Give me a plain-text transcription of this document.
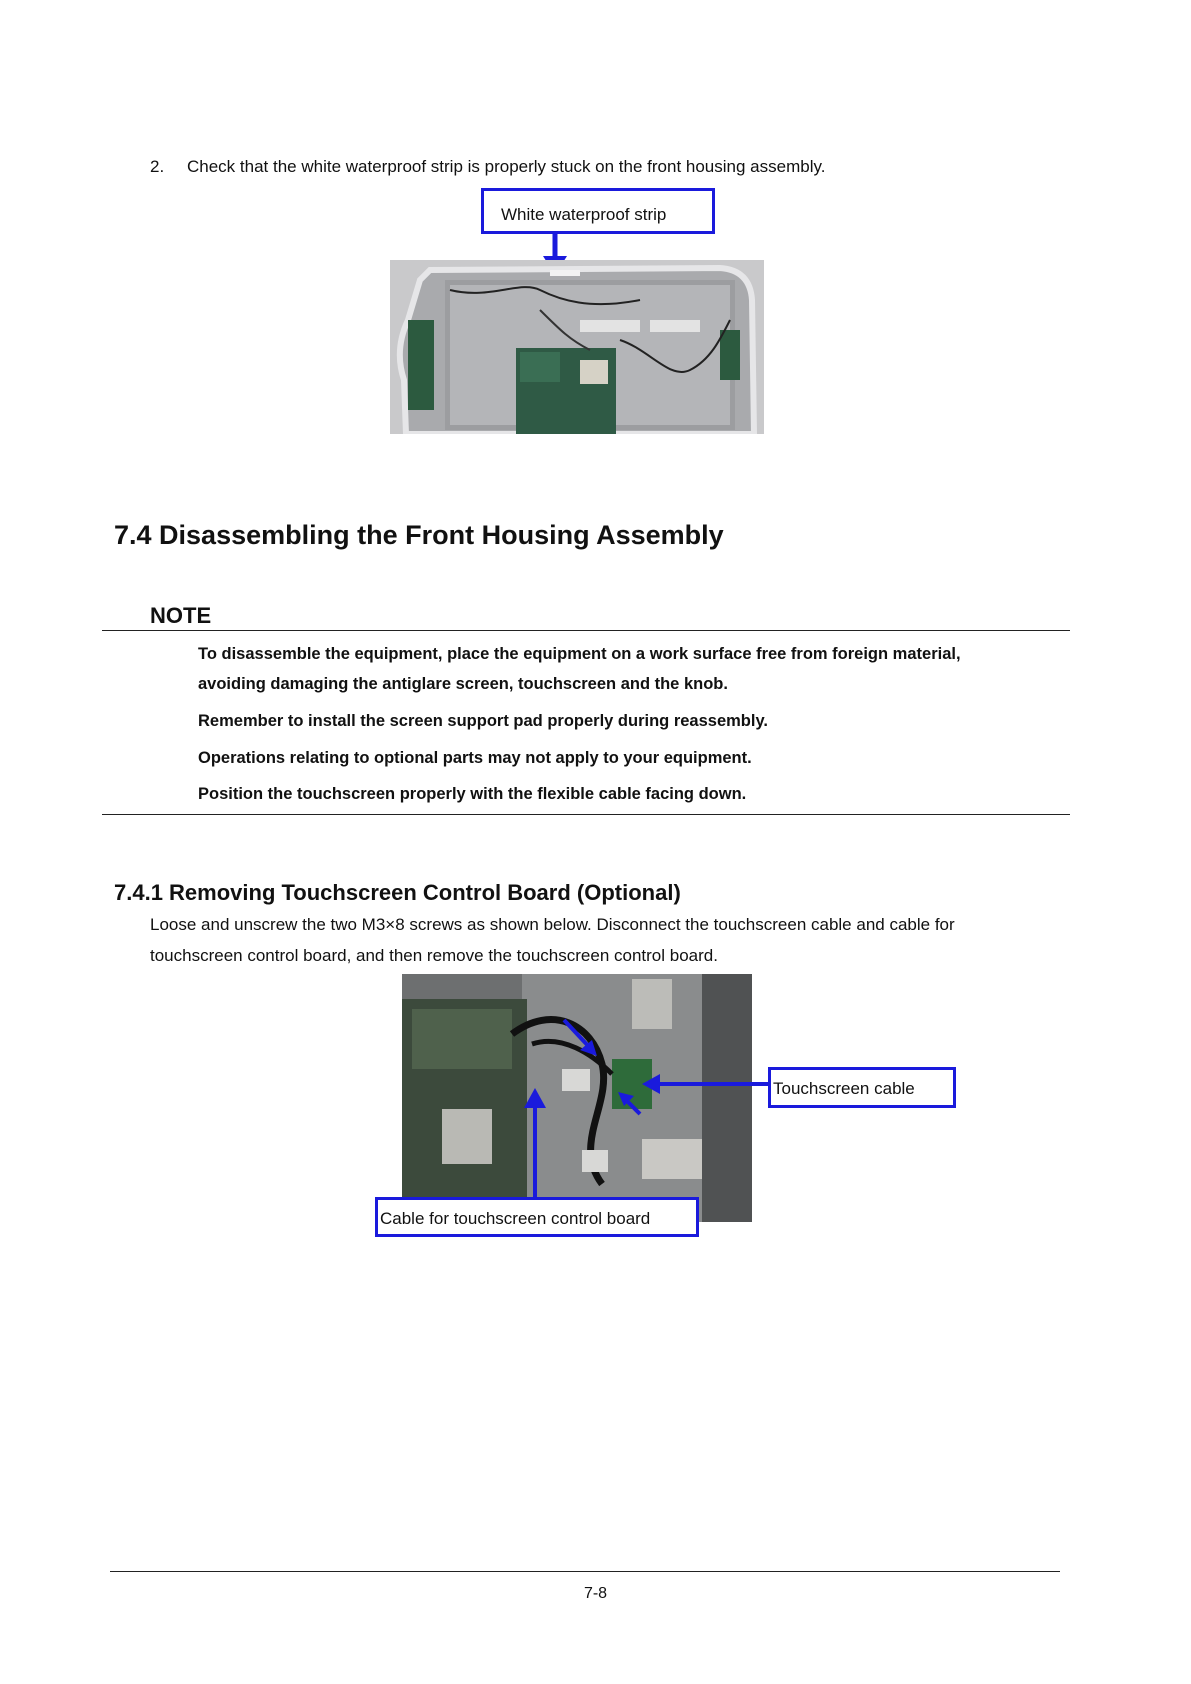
2. Check that the white waterproof strip is properly stuck on the front housing assembly.
White waterproof strip
7.4 Disassembling the Front Housing Assembly
NOTE
To disassemble the equipment, place the equipment on a work surface free from foreign material,
avoiding damaging the antiglare screen, touchscreen and the knob.
Remember to install the screen support pad properly during reassembly.
Operations relating to optional parts may not apply to your equipment.
Position the touchscreen properly with the flexible cable facing down.
7.4.1 Removing Touchscreen Control Board (Optional)
Loose and unscrew the two M3×8 screws as shown below. Disconnect the touchscreen cable and cable for
touchscreen control board, and then remove the touchscreen control board.
Touchscreen cable
Cable for touchscreen control board
7-8
